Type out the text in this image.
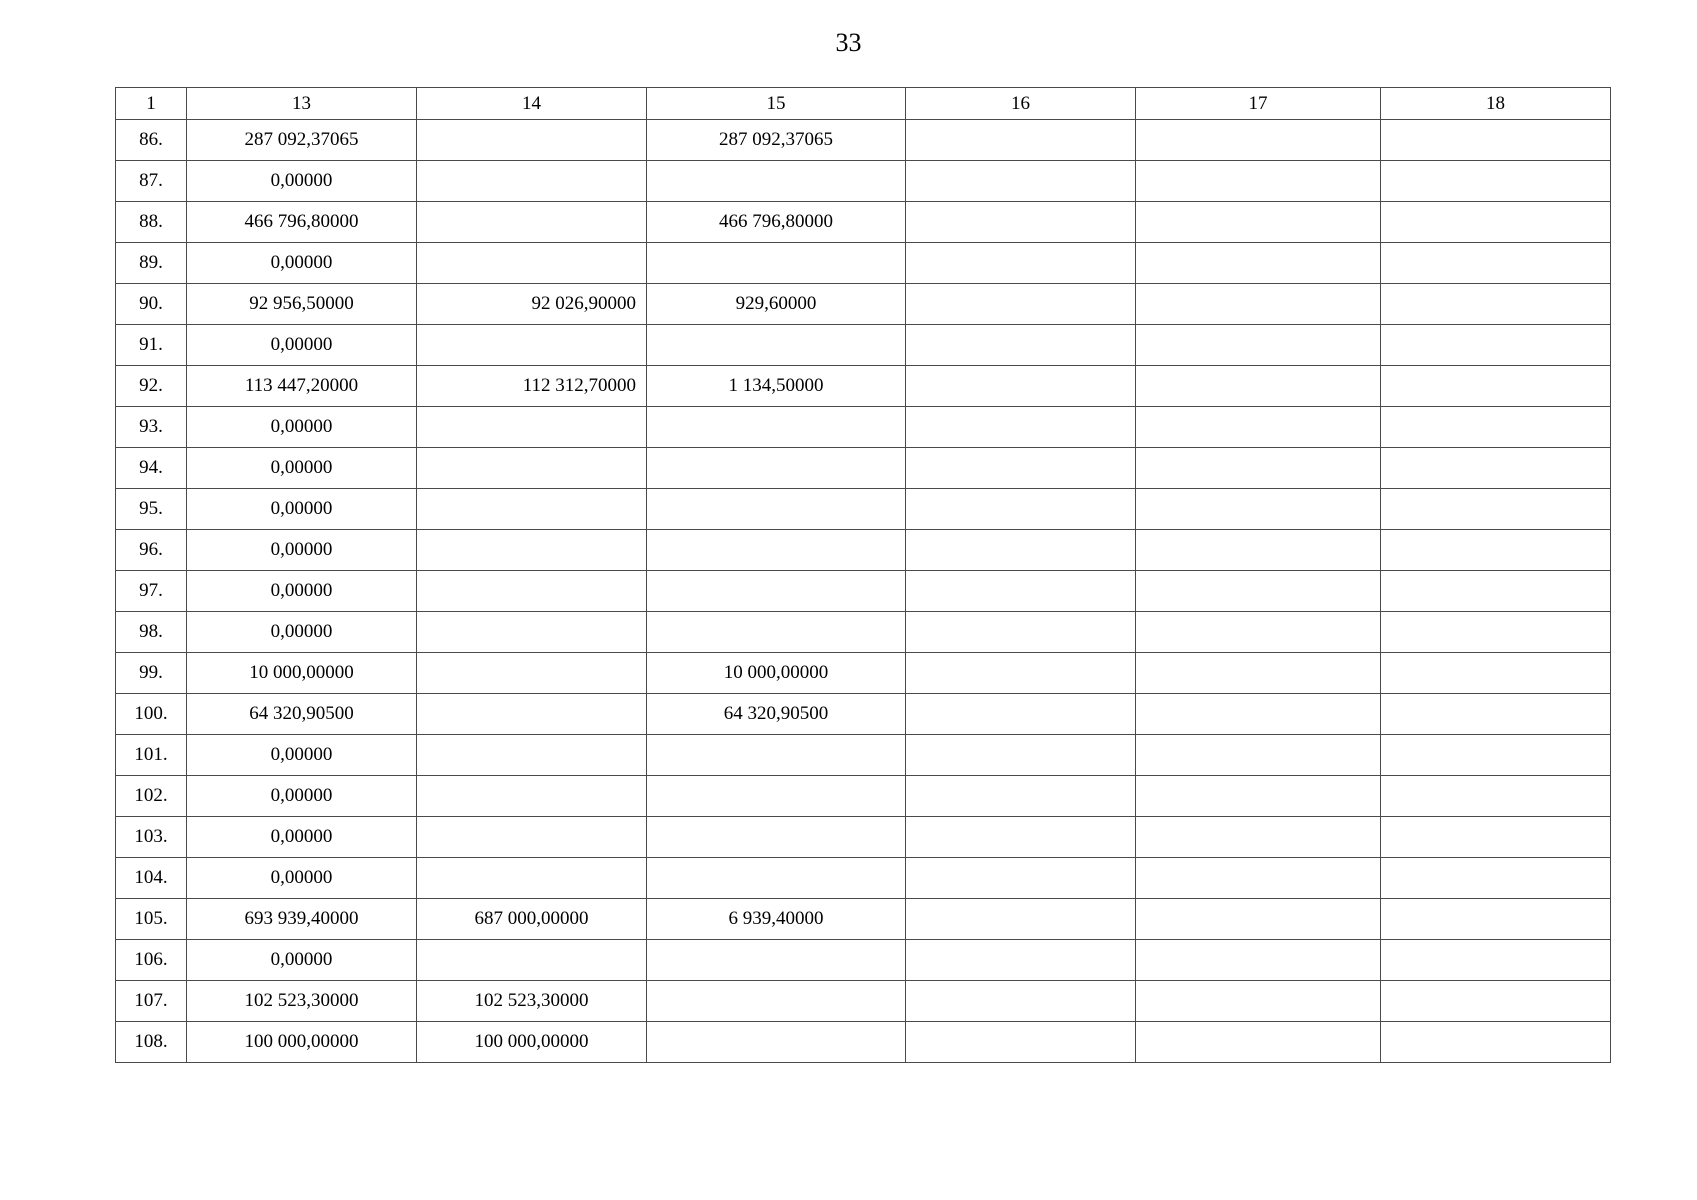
33
1	13	14	15	16	17	18
86.	287 092,37065		287 092,37065			
87.	0,00000					
88.	466 796,80000		466 796,80000			
89.	0,00000					
90.	92 956,50000	92 026,90000	929,60000			
91.	0,00000					
92.	113 447,20000	112 312,70000	1 134,50000			
93.	0,00000					
94.	0,00000					
95.	0,00000					
96.	0,00000					
97.	0,00000					
98.	0,00000					
99.	10 000,00000		10 000,00000			
100.	64 320,90500		64 320,90500			
101.	0,00000					
102.	0,00000					
103.	0,00000					
104.	0,00000					
105.	693 939,40000	687 000,00000	6 939,40000			
106.	0,00000					
107.	102 523,30000	102 523,30000				
108.	100 000,00000	100 000,00000				
